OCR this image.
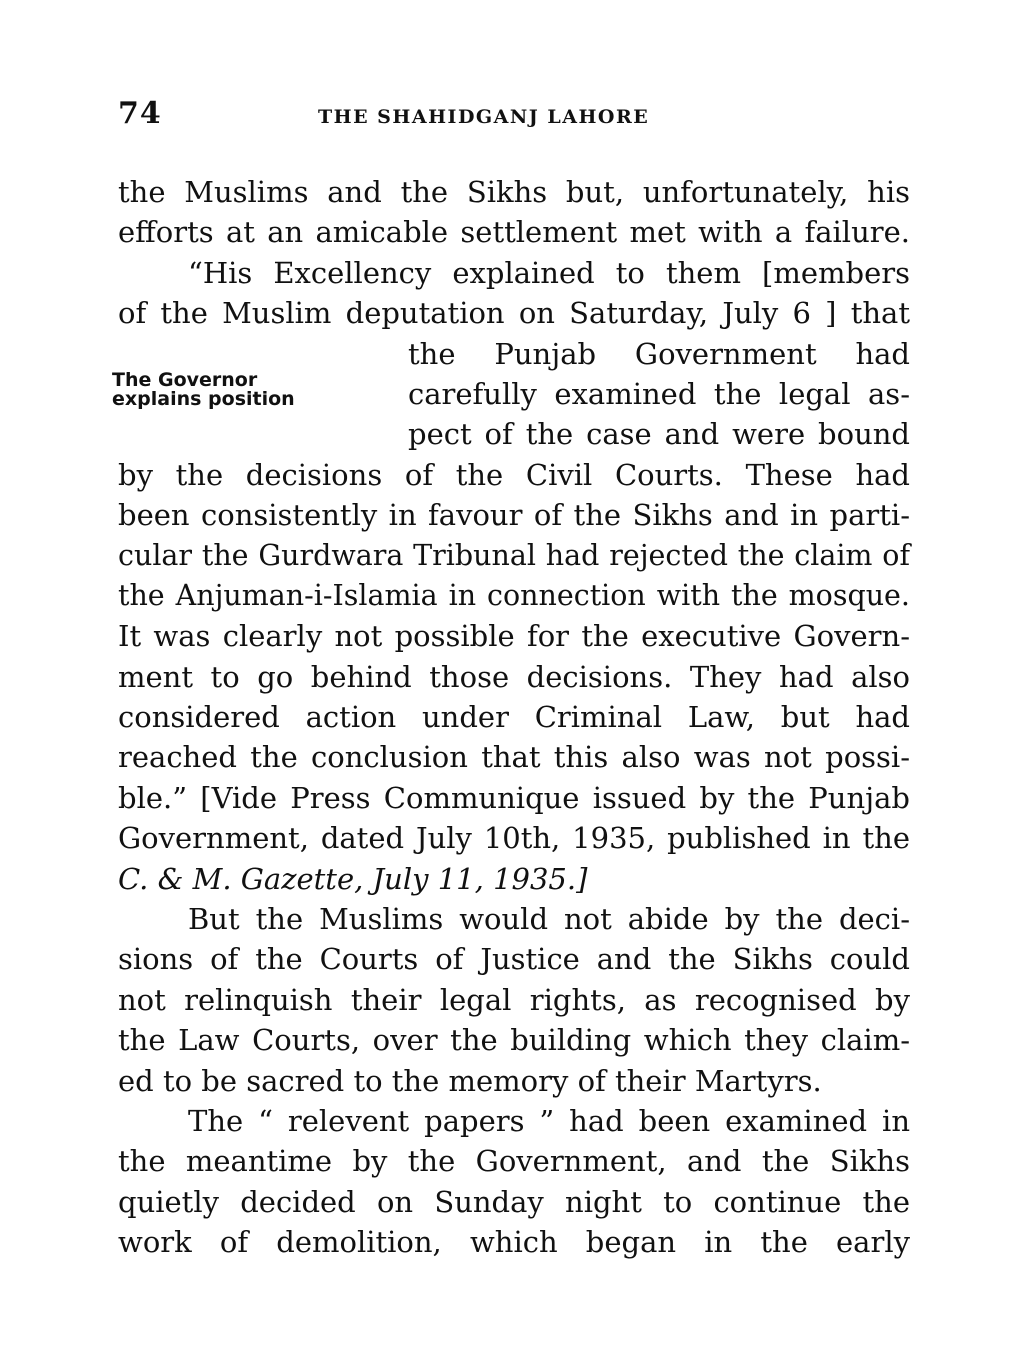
74	THE SHAHIDGANJ LAHORE
The Governor
explains position
the Muslims and the Sikhs but, unfortunately, his
efforts at an amicable settlement met with a failure.
“His Excellency explained to them [members
of the Muslim deputation on Saturday, July 6 ] that
the Punjab Government had
carefully examined the legal as-
pect of the case and were bound
by the decisions of the Civil Courts. These had
been consistently in favour of the Sikhs and in parti-
cular the Gurdwara Tribunal had rejected the claim of
the Anjuman-i-Islamia in connection with the mosque.
It was clearly not possible for the executive Govern-
ment to go behind those decisions. They had also
considered action under Criminal Law, but had
reached the conclusion that this also was not possi-
ble.” [Vide Press Communique issued by the Punjab
Government, dated July 10th, 1935, published in the
C. & M. Gazette, July 11, 1935.]
But the Muslims would not abide by the deci-
sions of the Courts of Justice and the Sikhs could
not relinquish their legal rights, as recognised by
the Law Courts, over the building which they claim-
ed to be sacred to the memory of their Martyrs.
The “ relevent papers ” had been examined in
the meantime by the Government, and the Sikhs
quietly decided on Sunday night to continue the
work of demolition, which began in the early
